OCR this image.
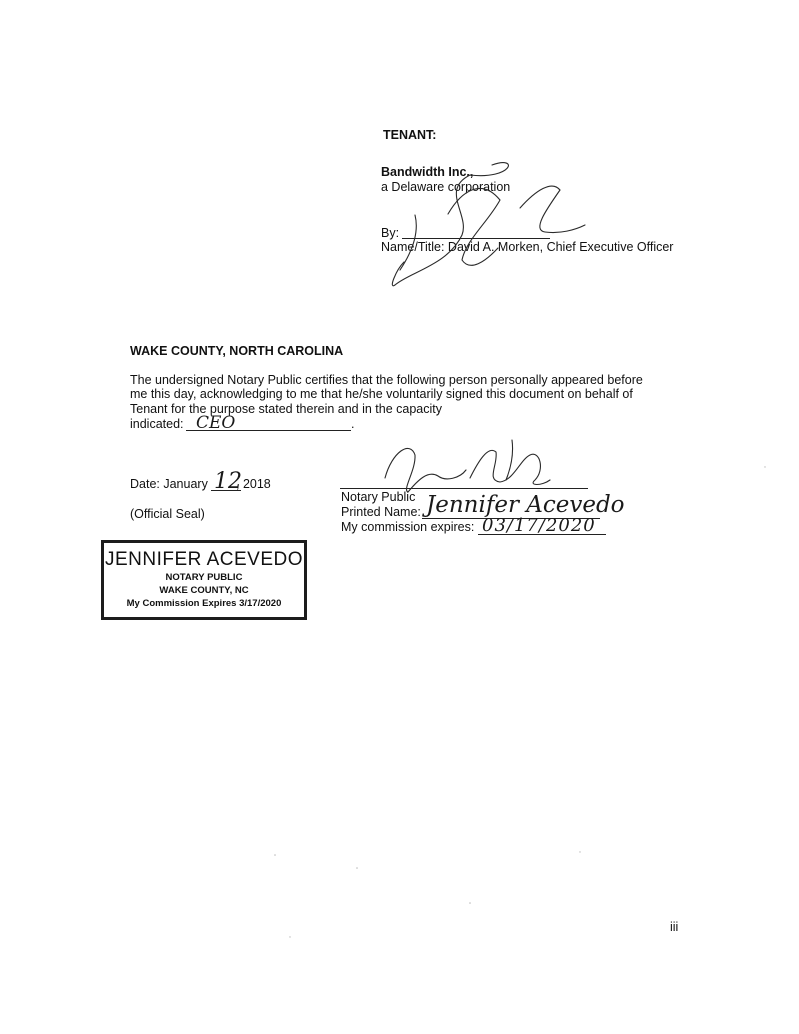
TENANT:
Bandwidth Inc.,
a Delaware corporation
By:
Name/Title: David A. Morken, Chief Executive Officer
WAKE COUNTY, NORTH CAROLINA
The undersigned Notary Public certifies that the following person personally appeared before
me this day, acknowledging to me that he/she voluntarily signed this document on behalf of
Tenant for the purpose stated therein and in the capacity
indicated:	.
CEO
Date: January 12
, 2018
(Official Seal)
Notary Public
Printed Name: Jennifer Acevedo
My commission expires: 03/17/2020
JENNIFER ACEVEDO
NOTARY PUBLIC
WAKE COUNTY, NC
My Commission Expires 3/17/2020
iii
